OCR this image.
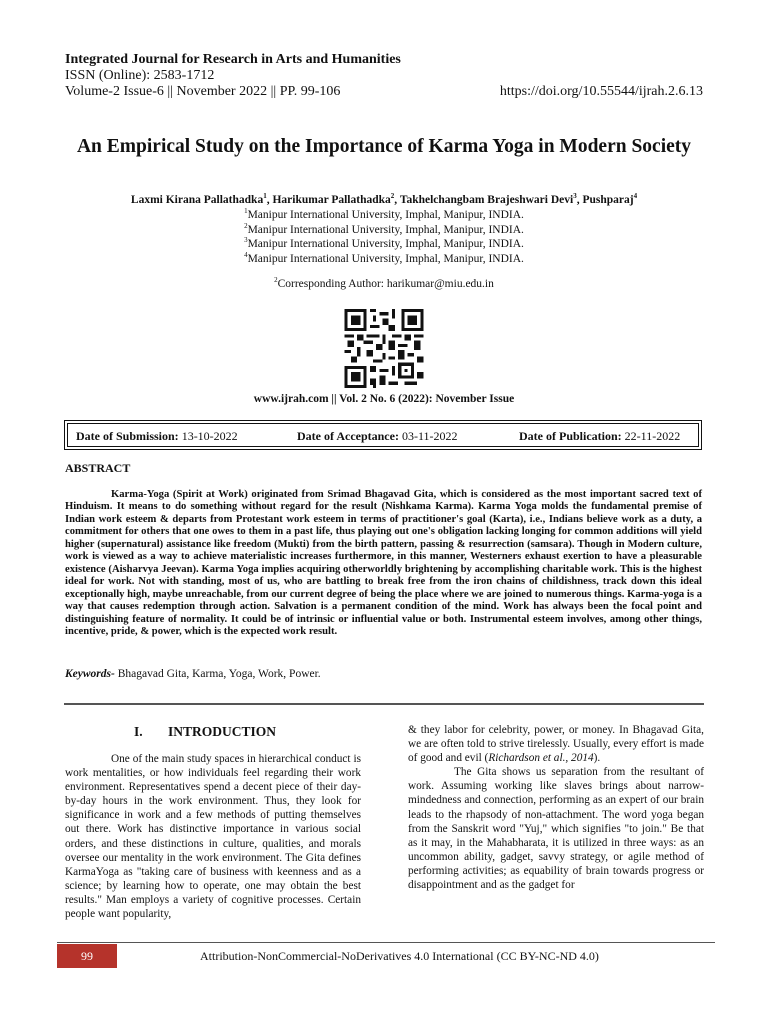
Integrated Journal for Research in Arts and Humanities
ISSN (Online): 2583-1712
Volume-2 Issue-6 || November 2022 || PP. 99-106	https://doi.org/10.55544/ijrah.2.6.13
An Empirical Study on the Importance of Karma Yoga in Modern Society
Laxmi Kirana Pallathadka$^1$, Harikumar Pallathadka$^2$, Takhelchangbam Brajeshwari Devi$^3$, Pushparaj$^4$
$^1$Manipur International University, Imphal, Manipur, INDIA.
$^2$Manipur International University, Imphal, Manipur, INDIA.
$^3$Manipur International University, Imphal, Manipur, INDIA.
$^4$Manipur International University, Imphal, Manipur, INDIA.
$^2$Corresponding Author: harikumar@miu.edu.in
www.ijrah.com || Vol. 2 No. 6 (2022): November Issue
Date of Submission: 13-10-2022	Date of Acceptance: 03-11-2022	Date of Publication: 22-11-2022
ABSTRACT

Karma-Yoga (Spirit at Work) originated from Srimad Bhagavad Gita, which is considered as the most important sacred text of Hinduism. It means to do something without regard for the result (Nishkama Karma). Karma Yoga molds the fundamental premise of Indian work esteem & departs from Protestant work esteem in terms of practitioner's goal (Karta), i.e., Indians believe work as a duty, a commitment for others that one owes to them in a past life, thus playing out one's obligation lacking longing for common additions will yield higher (supernatural) assistance like freedom (Mukti) from the birth pattern, passing & resurrection (samsara). Though in Modern culture, work is viewed as a way to achieve materialistic increases furthermore, in this manner, Westerners exhaust exertion to have a pleasurable existence (Aisharvya Jeevan). Karma Yoga implies acquiring otherworldly brightening by accomplishing charitable work. This is the highest ideal for work. Not with standing, most of us, who are battling to break free from the iron chains of childishness, track down this ideal exceptionally high, maybe unreachable, from our current degree of being the place where we are joined to numerous things. Karma-yoga is a way that causes redemption through action. Salvation is a permanent condition of the mind. Work has always been the focal point and distinguishing feature of normality. It could be of intrinsic or influential value or both. Instrumental esteem involves, among other things, incentive, pride, & power, which is the expected work result.

Keywords- Bhagavad Gita, Karma, Yoga, Work, Power.
I. INTRODUCTION

One of the main study spaces in hierarchical conduct is work mentalities, or how individuals feel regarding their work environment. Representatives spend a decent piece of their day-by-day hours in the work environment. Thus, they look for significance in work and a few methods of putting themselves out there. Work has distinctive importance in various social orders, and these distinctions in culture, qualities, and morals oversee our mentality in the work environment. The Gita defines KarmaYoga as "taking care of business with keenness and as a science; by learning how to operate, one may obtain the best results." Man employs a variety of cognitive processes. Certain people want popularity,

& they labor for celebrity, power, or money. In Bhagavad Gita, we are often told to strive tirelessly. Usually, every effort is made of good and evil (Richardson et al., 2014).

The Gita shows us separation from the resultant of work. Assuming working like slaves brings about narrow-mindedness and connection, performing as an expert of our brain leads to the rhapsody of non-attachment. The word yoga began from the Sanskrit word "Yuj," which signifies "to join." Be that as it may, in the Mahabharata, it is utilized in three ways: as an uncommon ability, gadget, savvy strategy, or agile method of performing activities; as equability of brain towards progress or disappointment and as the gadget for

99	Attribution-NonCommercial-NoDerivatives 4.0 International (CC BY-NC-ND 4.0)
